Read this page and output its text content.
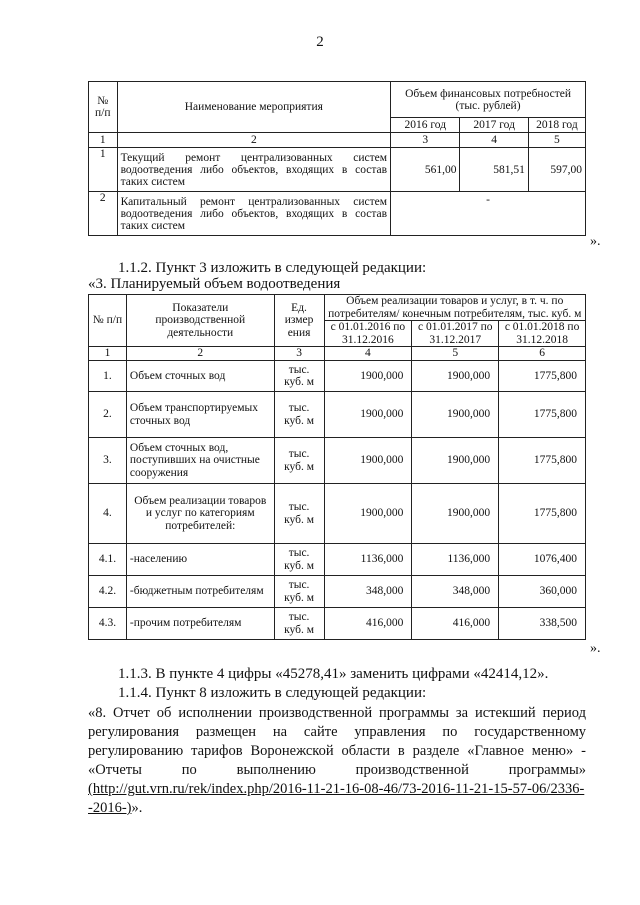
2
№ п/п	Наименование мероприятия	Объем финансовых потребностей (тыс. рублей)		
		2016 год	2017 год	2018 год
1	2	3	4	5
1	Текущий ремонт централизованных систем водоотведения либо объектов, входящих в состав таких систем	561,00	581,51	597,00
2	Капитальный ремонт централизованных систем водоотведения либо объектов, входящих в состав таких систем	-		
».
1.1.2. Пункт 3 изложить в следующей редакции:
«3. Планируемый объем водоотведения
№ п/п	Показатели производственной деятельности	Ед. измер ения	Объем реализации товаров и услуг, в т. ч. по потребителям/ конечным потребителям, тыс. куб. м		
			с 01.01.2016 по 31.12.2016	с 01.01.2017 по 31.12.2017	с 01.01.2018 по 31.12.2018
1	2	3	4	5	6
1.	Объем сточных вод	тыс. куб. м	1900,000	1900,000	1775,800
2.	Объем транспортируемых сточных вод	тыс. куб. м	1900,000	1900,000	1775,800
3.	Объем сточных вод, поступивших на очистные сооружения	тыс. куб. м	1900,000	1900,000	1775,800
4.	Объем реализации товаров и услуг по категориям потребителей:	тыс. куб. м	1900,000	1900,000	1775,800
4.1.	-населению	тыс. куб. м	1136,000	1136,000	1076,400
4.2.	-бюджетным потребителям	тыс. куб. м	348,000	348,000	360,000
4.3.	-прочим потребителям	тыс. куб. м	416,000	416,000	338,500
».
1.1.3. В пункте 4 цифры «45278,41» заменить цифрами «42414,12».
1.1.4. Пункт 8 изложить в следующей редакции:
«8. Отчет об исполнении производственной программы за истекший период
регулирования размещен на сайте управления по государственному
регулированию тарифов Воронежской области в разделе «Главное меню» -
«Отчеты по выполнению производственной программы»
(http://gut.vrn.ru/rek/index.php/2016-11-21-16-08-46/73-2016-11-21-15-57-06/2336-
-2016-)».
